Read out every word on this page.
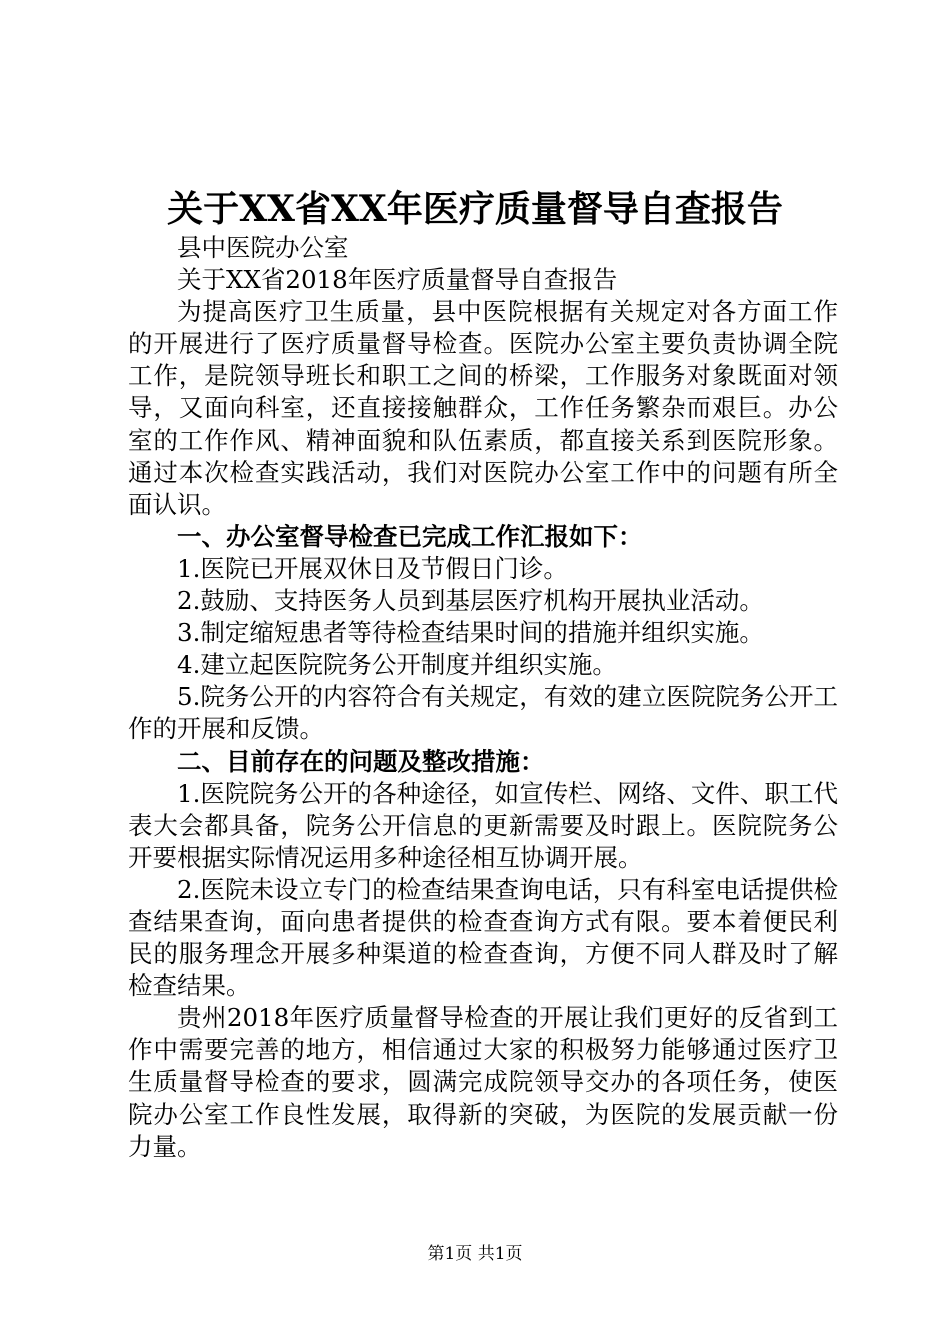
关于XX省XX年医疗质量督导自查报告

县中医院办公室

关于XX省2018年医疗质量督导自查报告

为提高医疗卫生质量，县中医院根据有关规定对各方面工作的开展进行了医疗质量督导检查。医院办公室主要负责协调全院工作，是院领导班长和职工之间的桥梁，工作服务对象既面对领导，又面向科室，还直接接触群众，工作任务繁杂而艰巨。办公室的工作作风、精神面貌和队伍素质，都直接关系到医院形象。通过本次检查实践活动，我们对医院办公室工作中的问题有所全面认识。

一、办公室督导检查已完成工作汇报如下：

1.医院已开展双休日及节假日门诊。

2.鼓励、支持医务人员到基层医疗机构开展执业活动。

3.制定缩短患者等待检查结果时间的措施并组织实施。

4.建立起医院院务公开制度并组织实施。

5.院务公开的内容符合有关规定，有效的建立医院院务公开工作的开展和反馈。

二、目前存在的问题及整改措施：

1.医院院务公开的各种途径，如宣传栏、网络、文件、职工代表大会都具备，院务公开信息的更新需要及时跟上。医院院务公开要根据实际情况运用多种途径相互协调开展。

2.医院未设立专门的检查结果查询电话，只有科室电话提供检查结果查询，面向患者提供的检查查询方式有限。要本着便民利民的服务理念开展多种渠道的检查查询，方便不同人群及时了解检查结果。

贵州2018年医疗质量督导检查的开展让我们更好的反省到工作中需要完善的地方，相信通过大家的积极努力能够通过医疗卫生质量督导检查的要求，圆满完成院领导交办的各项任务，使医院办公室工作良性发展，取得新的突破，为医院的发展贡献一份力量。

第1页 共1页
